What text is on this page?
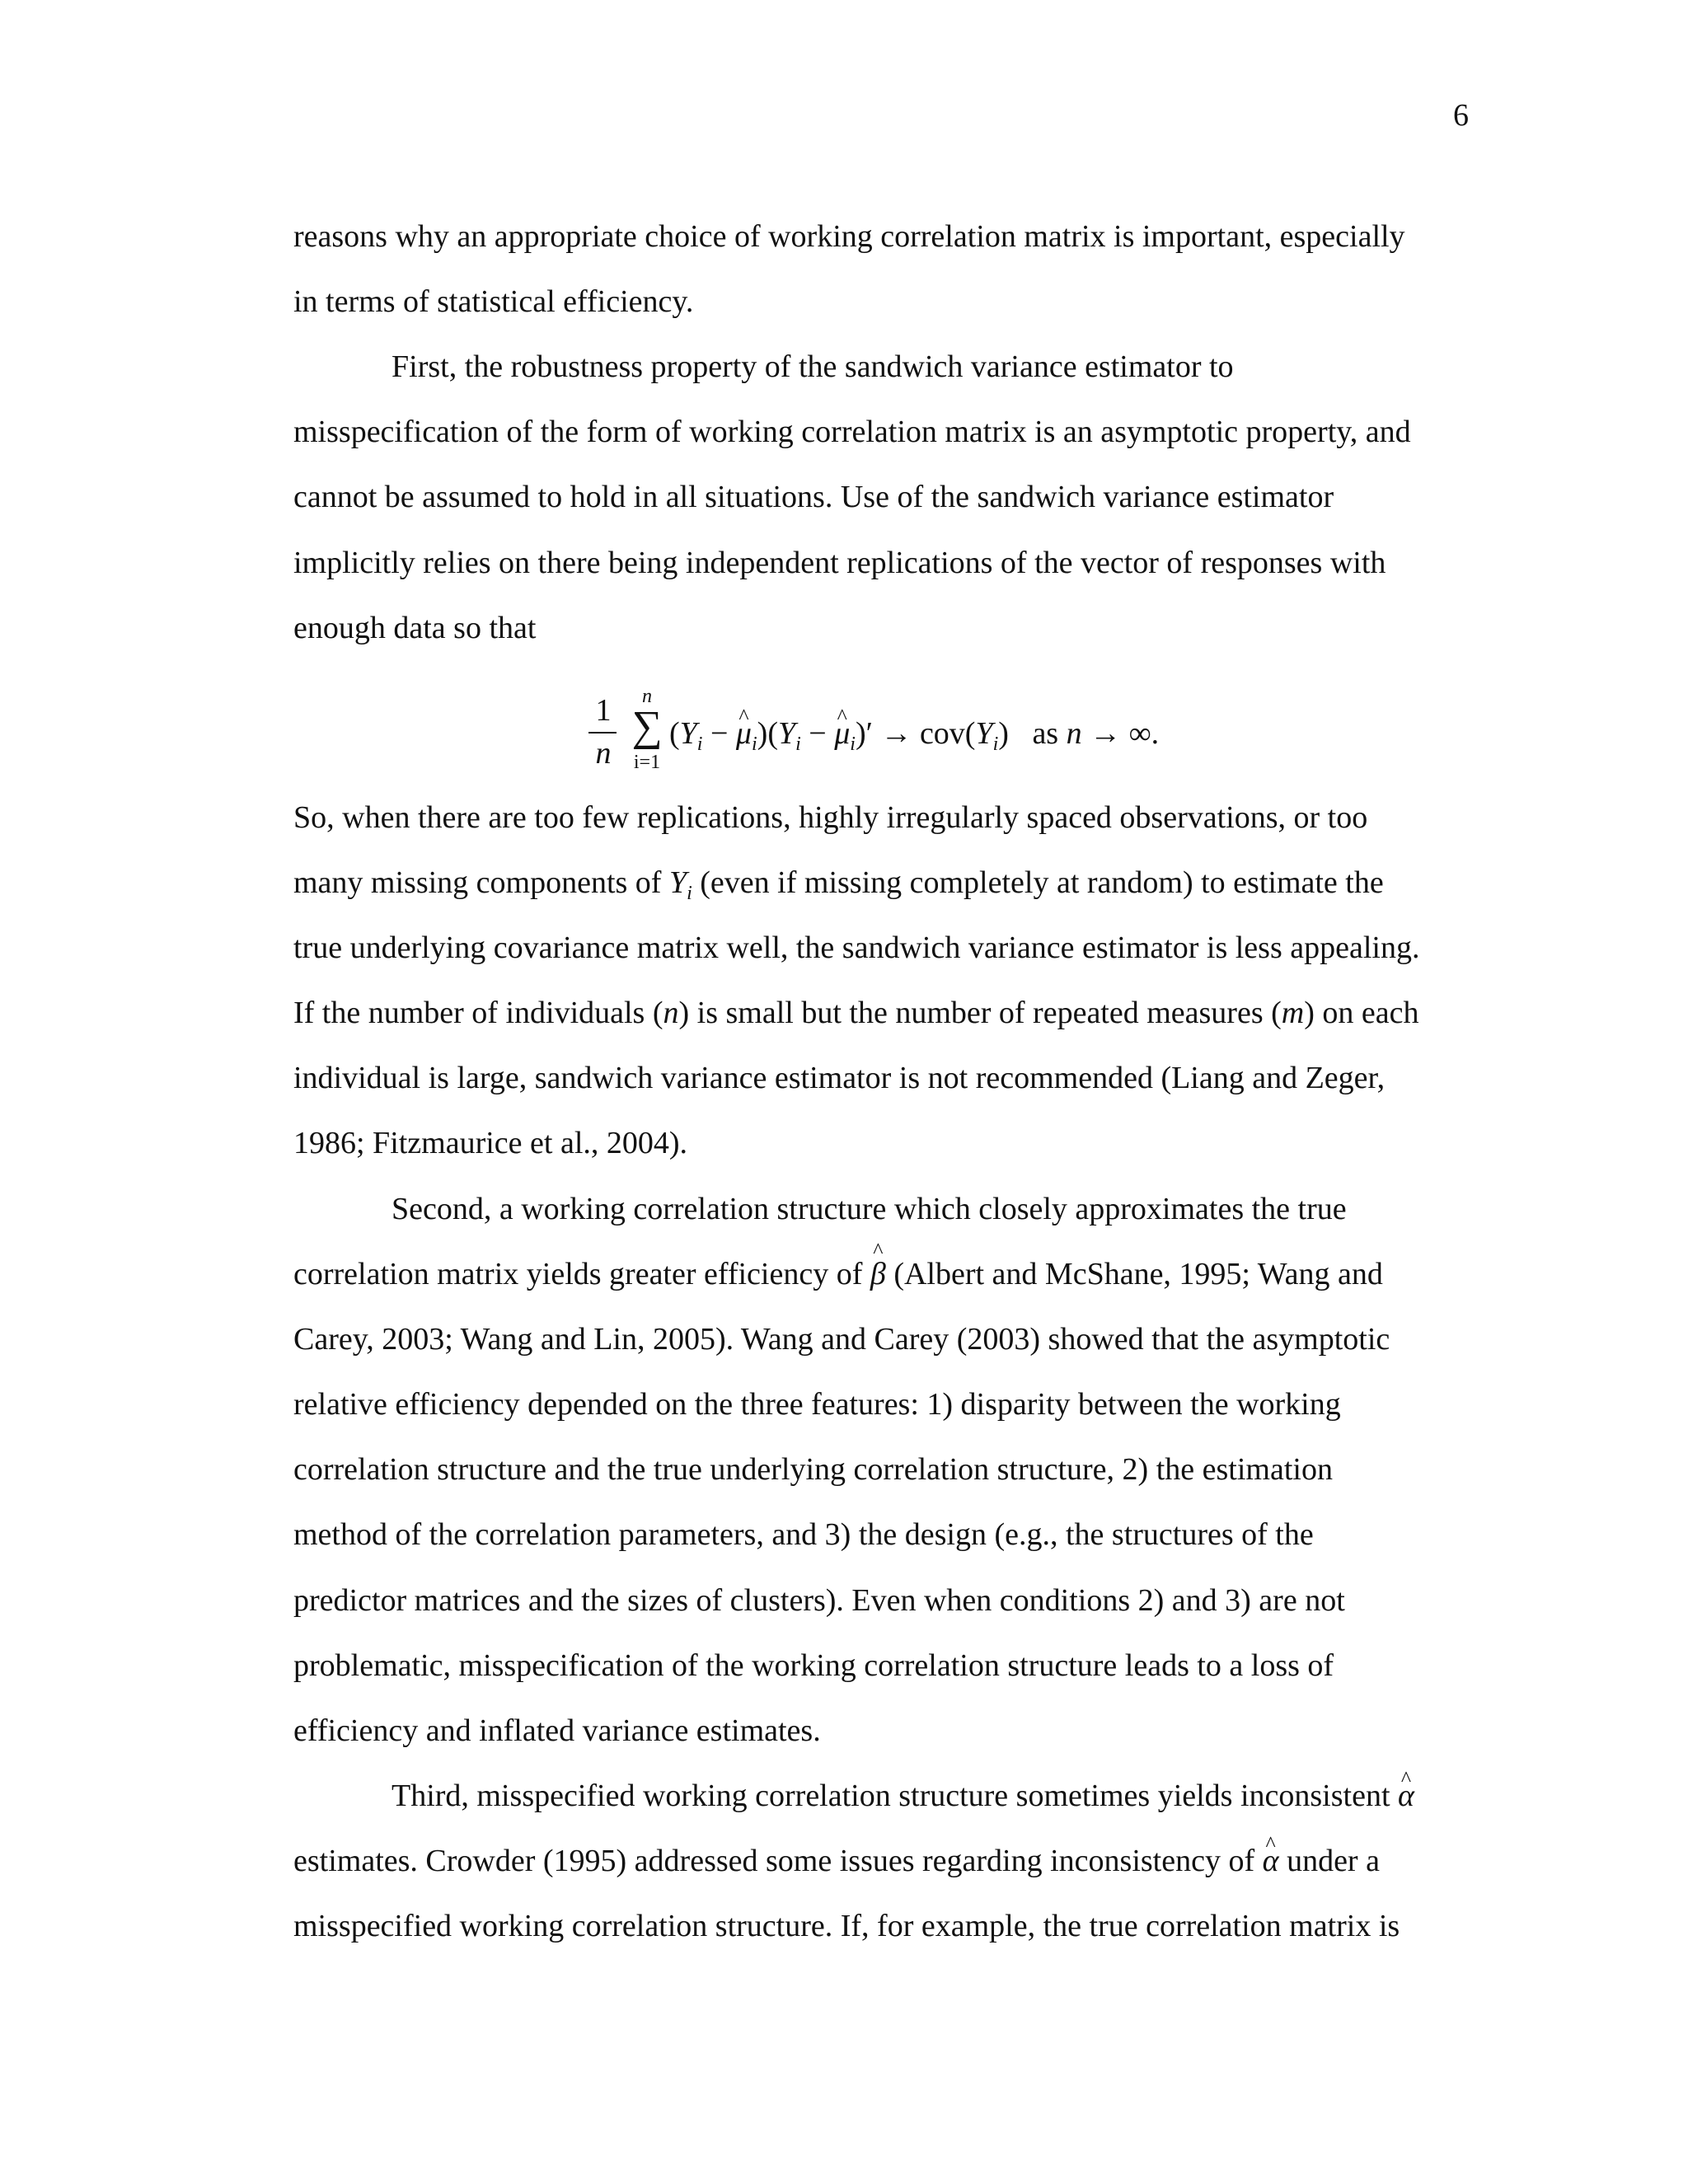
6
reasons why an appropriate choice of working correlation matrix is important, especially
in terms of statistical efficiency.
First, the robustness property of the sandwich variance estimator to
misspecification of the form of working correlation matrix is an asymptotic property, and
cannot be assumed to hold in all situations. Use of the sandwich variance estimator
implicitly relies on there being independent replications of the vector of responses with
enough data so that
1
n
n
∑
i=1
($Y_i$ − ^ $\mu_i)(Y_i$ − ^ $\mu_i)' \to cov(Y_i)$ as n → ∞.
So, when there are too few replications, highly irregularly spaced observations, or too
many missing components of $Y_i$ (even if missing completely at random) to estimate the
true underlying covariance matrix well, the sandwich variance estimator is less appealing.
If the number of individuals (n) is small but the number of repeated measures (m) on each
individual is large, sandwich variance estimator is not recommended (Liang and Zeger,
1986; Fitzmaurice et al., 2004).
Second, a working correlation structure which closely approximates the true
correlation matrix yields greater efficiency of ^ β (Albert and McShane, 1995; Wang and
Carey, 2003; Wang and Lin, 2005). Wang and Carey (2003) showed that the asymptotic
relative efficiency depended on the three features: 1) disparity between the working
correlation structure and the true underlying correlation structure, 2) the estimation
method of the correlation parameters, and 3) the design (e.g., the structures of the
predictor matrices and the sizes of clusters). Even when conditions 2) and 3) are not
problematic, misspecification of the working correlation structure leads to a loss of
efficiency and inflated variance estimates.
Third, misspecified working correlation structure sometimes yields inconsistent ^ α
estimates. Crowder (1995) addressed some issues regarding inconsistency of ^ α under a
misspecified working correlation structure. If, for example, the true correlation matrix is
